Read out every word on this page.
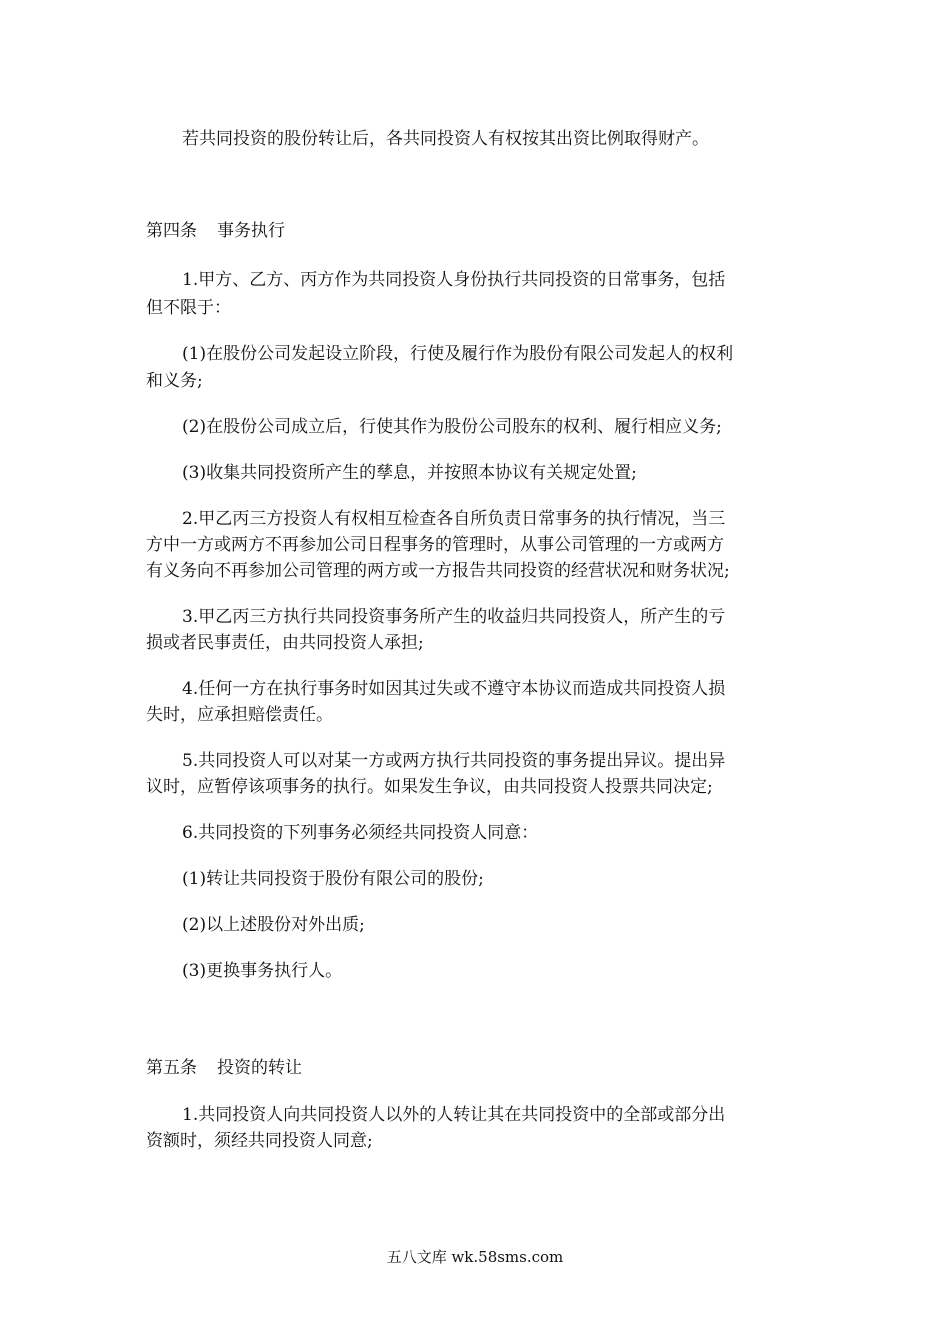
若共同投资的股份转让后，各共同投资人有权按其出资比例取得财产。

第四条 事务执行

1.甲方、乙方、丙方作为共同投资人身份执行共同投资的日常事务，包括

但不限于：

(1)在股份公司发起设立阶段，行使及履行作为股份有限公司发起人的权利

和义务;

(2)在股份公司成立后，行使其作为股份公司股东的权利、履行相应义务;

(3)收集共同投资所产生的孳息，并按照本协议有关规定处置;

2.甲乙丙三方投资人有权相互检查各自所负责日常事务的执行情况，当三

方中一方或两方不再参加公司日程事务的管理时，从事公司管理的一方或两方

有义务向不再参加公司管理的两方或一方报告共同投资的经营状况和财务状况;

3.甲乙丙三方执行共同投资事务所产生的收益归共同投资人，所产生的亏

损或者民事责任，由共同投资人承担;

4.任何一方在执行事务时如因其过失或不遵守本协议而造成共同投资人损

失时，应承担赔偿责任。

5.共同投资人可以对某一方或两方执行共同投资的事务提出异议。提出异

议时，应暂停该项事务的执行。如果发生争议，由共同投资人投票共同决定;

6.共同投资的下列事务必须经共同投资人同意：

(1)转让共同投资于股份有限公司的股份;

(2)以上述股份对外出质;

(3)更换事务执行人。

第五条 投资的转让

1.共同投资人向共同投资人以外的人转让其在共同投资中的全部或部分出

资额时，须经共同投资人同意;

五八文库 wk.58sms.com
